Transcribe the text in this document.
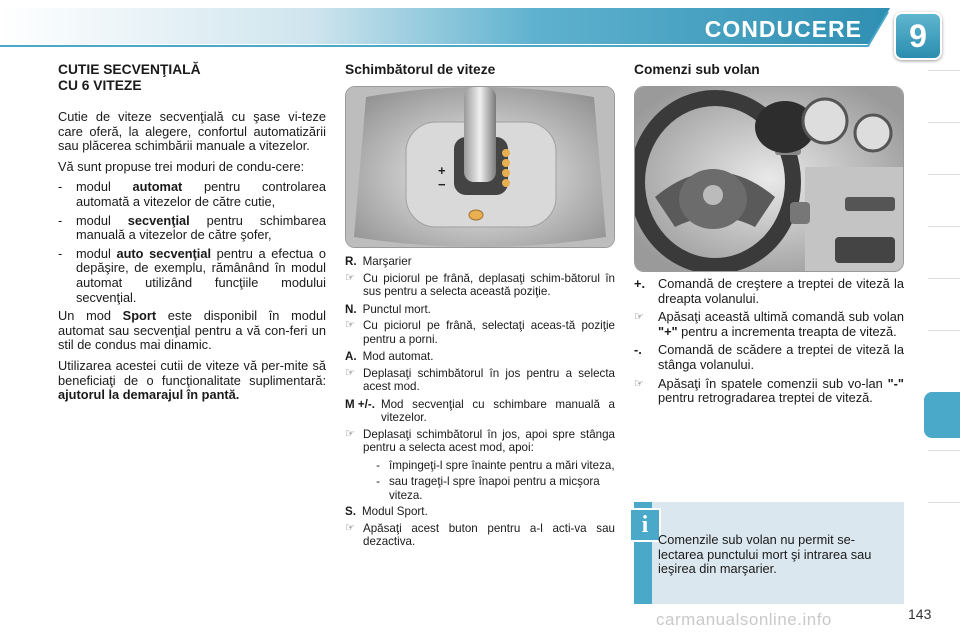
CONDUCERE	9
CUTIE SECVENŢIALĂ
CU 6 VITEZE

Cutie de viteze secvenţială cu şase vi-teze care oferă, la alegere, confortul automatizării sau plăcerea schimbării manuale a vitezelor.

Vă sunt propuse trei moduri de condu-cere:

-	modul automat pentru controlarea automată a vitezelor de către cutie,
-	modul secvenţial pentru schimbarea manuală a vitezelor de către şofer,
-	modul auto secvenţial pentru a efectua o depăşire, de exemplu, rămânând în modul automat utilizând funcţiile modului secvenţial.

Un mod Sport este disponibil în modul automat sau secvenţial pentru a vă con-feri un stil de condus mai dinamic.

Utilizarea acestei cutii de viteze vă per-mite să beneficiaţi de o funcţionalitate suplimentară: ajutorul la demarajul în pantă.

Schimbătorul de viteze
+
−
R. Marşarier
☞ Cu piciorul pe frână, deplasaţi schim-bătorul în sus pentru a selecta această poziţie.
N. Punctul mort.
☞ Cu piciorul pe frână, selectaţi aceas-tă poziţie pentru a porni.
A. Mod automat.
☞ Deplasaţi schimbătorul în jos pentru a selecta acest mod.
M +/-. Mod secvenţial cu schimbare manuală a vitezelor.
☞ Deplasaţi schimbătorul în jos, apoi spre stânga pentru a selecta acest mod, apoi:
- împingeţi-l spre înainte pentru a mări viteza,
- sau trageţi-l spre înapoi pentru a micşora viteza.
S. Modul Sport.
☞ Apăsaţi acest buton pentru a-l acti-va sau dezactiva.
Comenzi sub volan
+.	Comandă de creştere a treptei de viteză la dreapta volanului.
☞	Apăsaţi această ultimă comandă sub volan "+" pentru a incrementa treapta de viteză.
-.	Comandă de scădere a treptei de viteză la stânga volanului.
☞	Apăsaţi în spatele comenzii sub vo-lan "-" pentru retrogradarea treptei de viteză.
i
Comenzile sub volan nu permit se-lectarea punctului mort şi intrarea sau ieşirea din marşarier.
carmanualsonline.info	143
